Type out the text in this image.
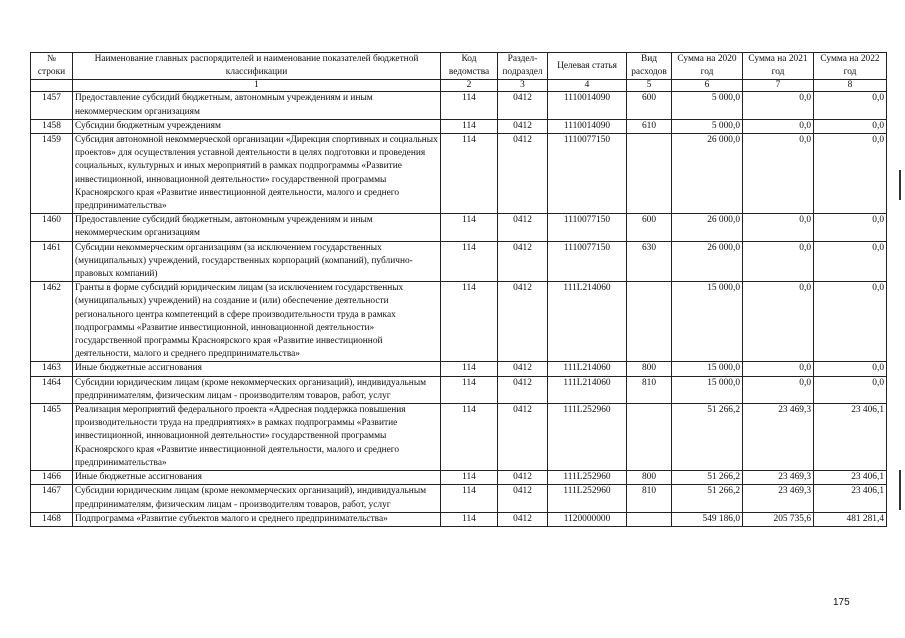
№ строки	Наименование главных распорядителей и наименование показателей бюджетной классификации	Код ведомства	Раздел-подраздел	Целевая статья	Вид расходов	Сумма на 2020 год	Сумма на 2021 год	Сумма на 2022 год
	1	2	3	4	5	6	7	8
1457	Предоставление субсидий бюджетным, автономным учреждениям и иным некоммерческим организациям	114	0412	1110014090	600	5 000,0	0,0	0,0
1458	Субсидии бюджетным учреждениям	114	0412	1110014090	610	5 000,0	0,0	0,0
1459	Субсидия автономной некоммерческой организации «Дирекция спортивных и социальных проектов» для осуществления уставной деятельности в целях подготовки и проведения социальных, культурных и иных мероприятий в рамках подпрограммы «Развитие инвестиционной, инновационной деятельности» государственной программы Красноярского края «Развитие инвестиционной деятельности, малого и среднего предпринимательства»	114	0412	1110077150		26 000,0	0,0	0,0
1460	Предоставление субсидий бюджетным, автономным учреждениям и иным некоммерческим организациям	114	0412	1110077150	600	26 000,0	0,0	0,0
1461	Субсидии некоммерческим организациям (за исключением государственных (муниципальных) учреждений, государственных корпораций (компаний), публично-правовых компаний)	114	0412	1110077150	630	26 000,0	0,0	0,0
1462	Гранты в форме субсидий юридическим лицам (за исключением государственных (муниципальных) учреждений) на создание и (или) обеспечение деятельности регионального центра компетенций в сфере производительности труда в рамках подпрограммы «Развитие инвестиционной, инновационной деятельности» государственной программы Красноярского края «Развитие инвестиционной деятельности, малого и среднего предпринимательства»	114	0412	111L214060		15 000,0	0,0	0,0
1463	Иные бюджетные ассигнования	114	0412	111L214060	800	15 000,0	0,0	0,0
1464	Субсидии юридическим лицам (кроме некоммерческих организаций), индивидуальным предпринимателям, физическим лицам - производителям товаров, работ, услуг	114	0412	111L214060	810	15 000,0	0,0	0,0
1465	Реализация мероприятий федерального проекта «Адресная поддержка повышения производительности труда на предприятиях» в рамках подпрограммы «Развитие инвестиционной, инновационной деятельности» государственной программы Красноярского края «Развитие инвестиционной деятельности, малого и среднего предпринимательства»	114	0412	111L252960		51 266,2	23 469,3	23 406,1
1466	Иные бюджетные ассигнования	114	0412	111L252960	800	51 266,2	23 469,3	23 406,1
1467	Субсидии юридическим лицам (кроме некоммерческих организаций), индивидуальным предпринимателям, физическим лицам - производителям товаров, работ, услуг	114	0412	111L252960	810	51 266,2	23 469,3	23 406,1
1468	Подпрограмма «Развитие субъектов малого и среднего предпринимательства»	114	0412	1120000000		549 186,0	205 735,6	481 281,4
175
